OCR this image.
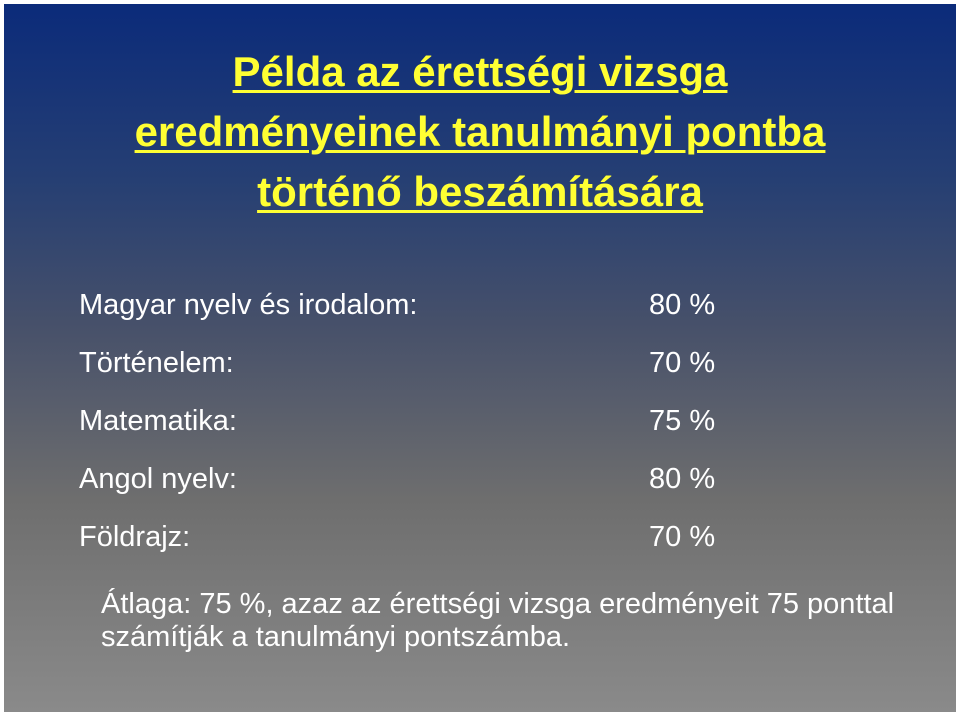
Példa az érettségi vizsga
eredményeinek tanulmányi pontba
történő beszámítására
Magyar nyelv és irodalom:	80 %
Történelem:	70 %
Matematika:	75 %
Angol nyelv:	80 %
Földrajz:	70 %

Átlaga: 75 %, azaz az érettségi vizsga eredményeit 75 ponttal számítják a tanulmányi pontszámba.
